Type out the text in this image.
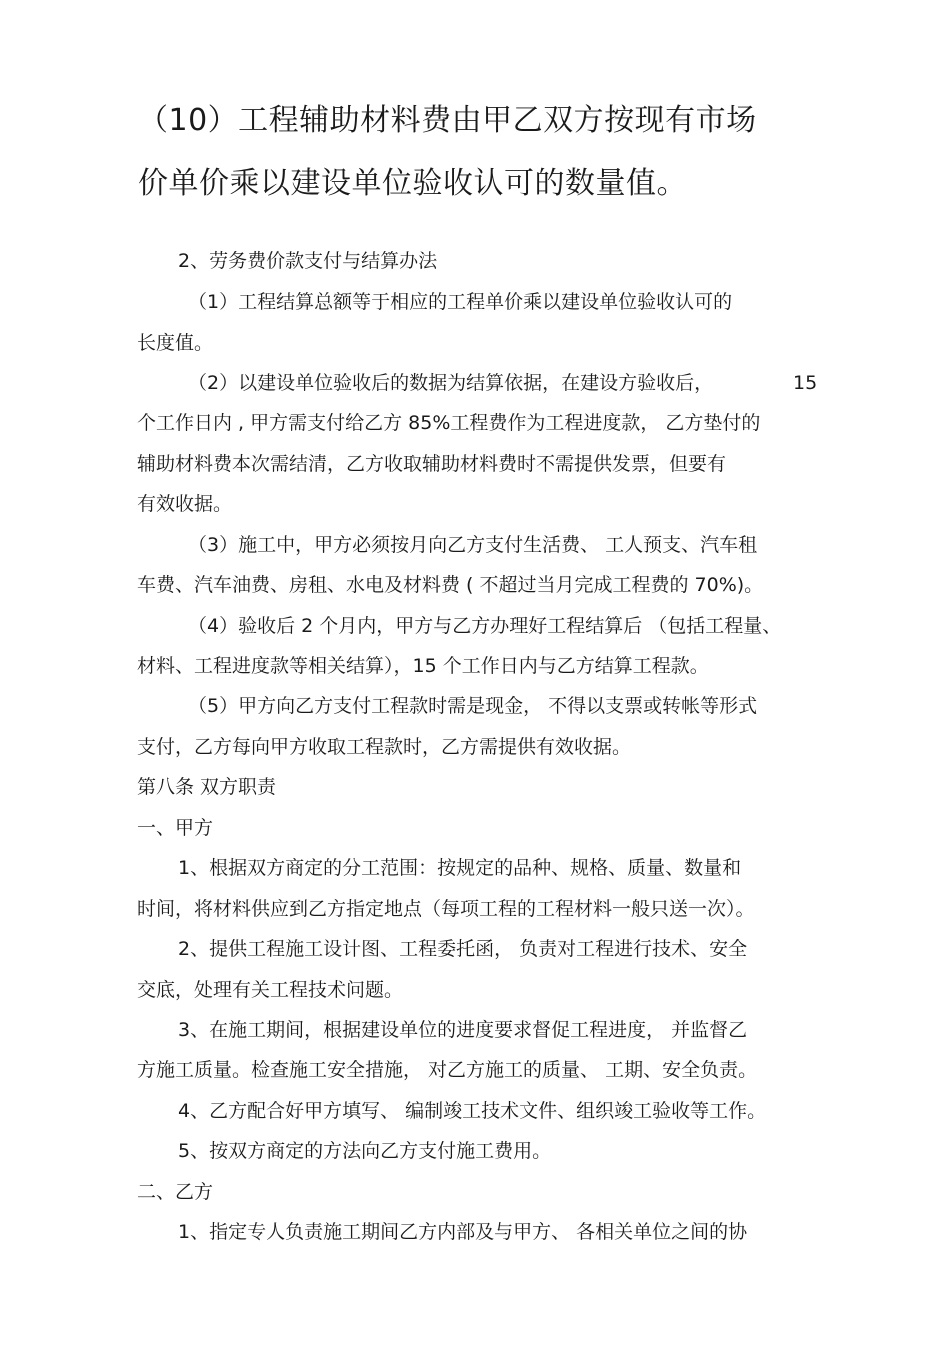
（10）工程辅助材料费由甲乙双方按现有市场
价单价乘以建设单位验收认可的数量值。
2、劳务费价款支付与结算办法
（1）工程结算总额等于相应的工程单价乘以建设单位验收认可的
长度值。
（2）以建设单位验收后的数据为结算依据，在建设方验收后，	15
个工作日内 , 甲方需支付给乙方 85%工程费作为工程进度款， 乙方垫付的
辅助材料费本次需结清，乙方收取辅助材料费时不需提供发票，但要有
有效收据。
（3）施工中，甲方必须按月向乙方支付生活费、 工人预支、汽车租
车费、汽车油费、房租、水电及材料费 ( 不超过当月完成工程费的 70%)。
（4）验收后 2 个月内，甲方与乙方办理好工程结算后 （包括工程量、
材料、工程进度款等相关结算），15 个工作日内与乙方结算工程款。
（5）甲方向乙方支付工程款时需是现金， 不得以支票或转帐等形式
支付，乙方每向甲方收取工程款时，乙方需提供有效收据。
第八条 双方职责
一、甲方
1、根据双方商定的分工范围：按规定的品种、规格、质量、数量和
时间，将材料供应到乙方指定地点（每项工程的工程材料一般只送一次）。
2、提供工程施工设计图、工程委托函， 负责对工程进行技术、安全
交底，处理有关工程技术问题。
3、在施工期间，根据建设单位的进度要求督促工程进度， 并监督乙
方施工质量。检查施工安全措施， 对乙方施工的质量、 工期、安全负责。
4、乙方配合好甲方填写、 编制竣工技术文件、组织竣工验收等工作。
5、按双方商定的方法向乙方支付施工费用。
二、乙方
1、指定专人负责施工期间乙方内部及与甲方、 各相关单位之间的协
